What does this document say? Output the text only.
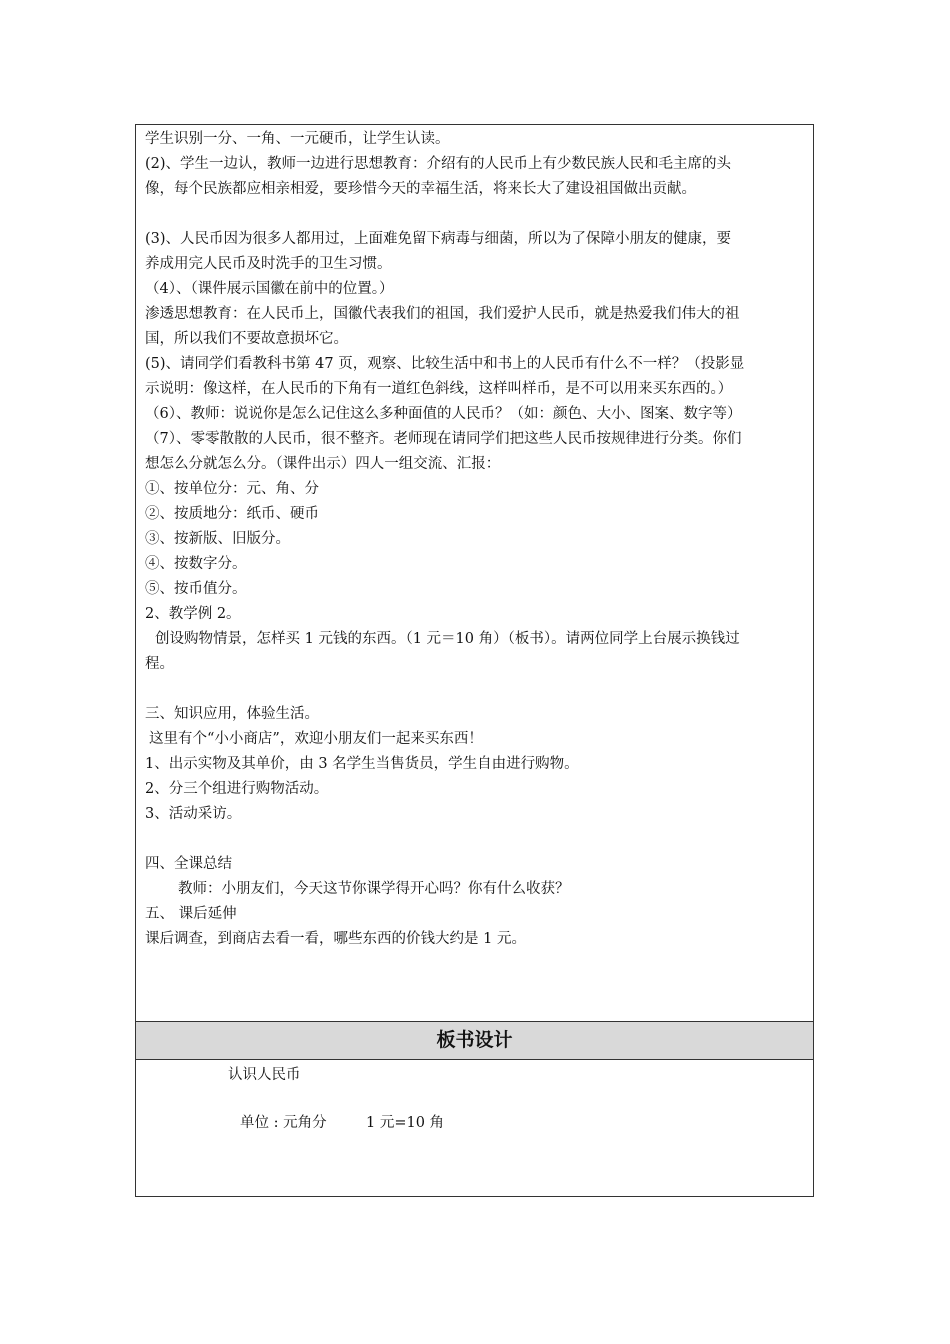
学生识别一分、一角、一元硬币，让学生认读。
(2)、学生一边认，教师一边进行思想教育：介绍有的人民币上有少数民族人民和毛主席的头
像，每个民族都应相亲相爱，要珍惜今天的幸福生活，将来长大了建设祖国做出贡献。
(3)、人民币因为很多人都用过，上面难免留下病毒与细菌，所以为了保障小朋友的健康，要
养成用完人民币及时洗手的卫生习惯。
（4）、（课件展示国徽在前中的位置。）
渗透思想教育：在人民币上，国徽代表我们的祖国，我们爱护人民币，就是热爱我们伟大的祖
国，所以我们不要故意损坏它。
(5)、请同学们看教科书第 47 页，观察、比较生活中和书上的人民币有什么不一样？（投影显
示说明：像这样，在人民币的下角有一道红色斜线，这样叫样币，是不可以用来买东西的。）
（6）、教师：说说你是怎么记住这么多种面值的人民币？（如：颜色、大小、图案、数字等）
（7）、零零散散的人民币，很不整齐。老师现在请同学们把这些人民币按规律进行分类。你们
想怎么分就怎么分。（课件出示）四人一组交流、汇报：
①、按单位分：元、角、分
②、按质地分：纸币、硬币
③、按新版、旧版分。
④、按数字分。
⑤、按币值分。
2、教学例 2。
创设购物情景，怎样买 1 元钱的东西。（1 元＝10 角）（板书）。请两位同学上台展示换钱过
程。
三、知识应用，体验生活。
这里有个“小小商店”，欢迎小朋友们一起来买东西！
1、出示实物及其单价，由 3 名学生当售货员，学生自由进行购物。
2、分三个组进行购物活动。
3、活动采访。
四、全课总结
教师：小朋友们，今天这节你课学得开心吗？你有什么收获？
五、 课后延伸
课后调查，到商店去看一看，哪些东西的价钱大约是 1 元。
板书设计
认识人民币
单位 : 元角分	1 元=10 角
